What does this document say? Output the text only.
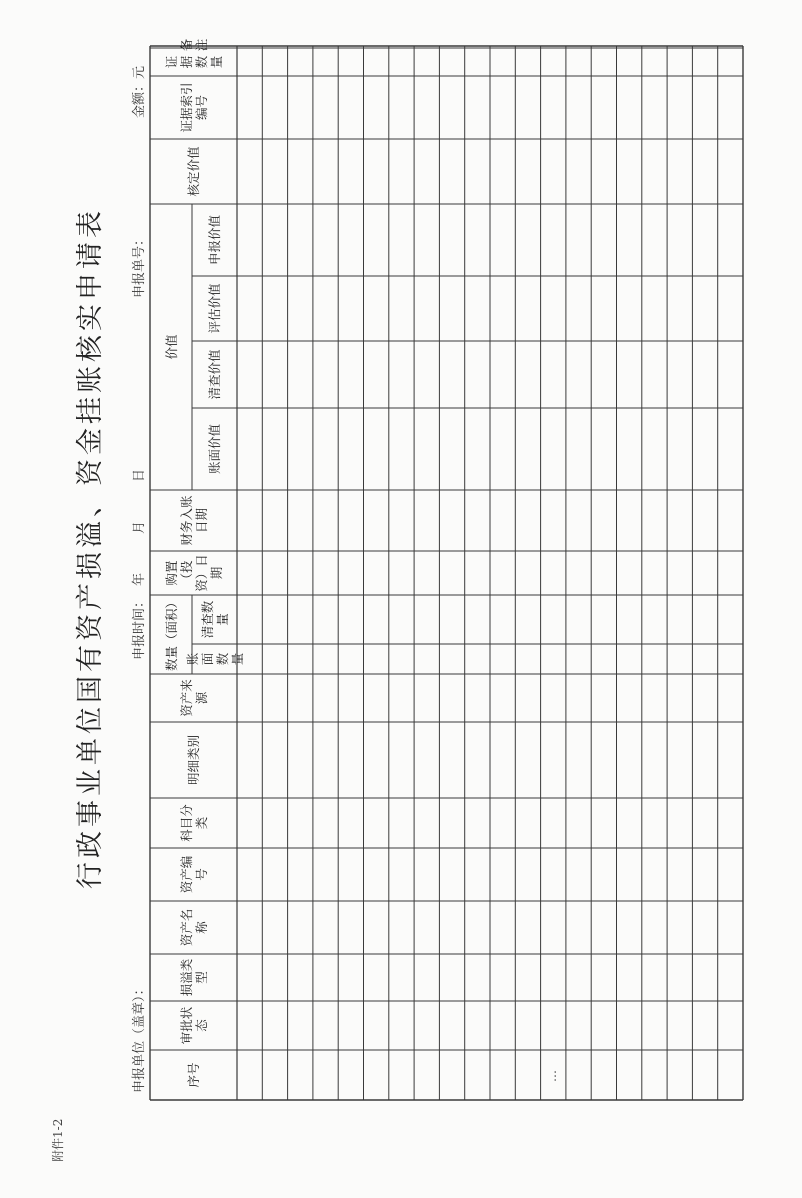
附件1-2
行政事业单位国有资产损溢、资金挂账核实申请表
申报单位（盖章）：
申报时间：
年　　　月　　　日
申报单号：
金额：元
序号
审批状态
损溢类型
资产名称
资产编号
科目分类
明细类别
资产来源
账面数量
清查数量
购置（投资）日期
财务入账日期
账面价值
清查价值
评估价值
申报价值
核定价值
证据索引编号
证据数量
备注
数量（面积）
价值
…
